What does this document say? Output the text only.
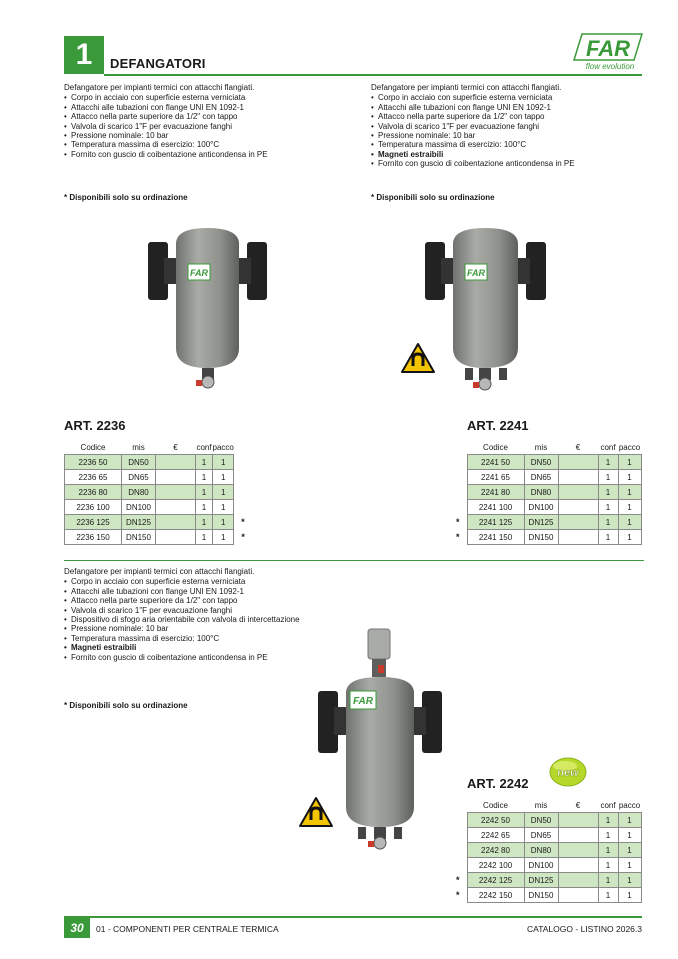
1	DEFANGATORI
FAR
flow evolution
Defangatore per impianti termici con attacchi flangiati.
• Corpo in acciaio con superficie esterna verniciata
• Attacchi alle tubazioni con flange UNI EN 1092-1
• Attacco nella parte superiore da 1/2" con tappo
• Valvola di scarico 1"F per evacuazione fanghi
• Pressione nominale: 10 bar
• Temperatura massima di esercizio: 100°C
• Fornito con guscio di coibentazione anticondensa in PE
* Disponibili solo su ordinazione
Defangatore per impianti termici con attacchi flangiati.
• Corpo in acciaio con superficie esterna verniciata
• Attacchi alle tubazioni con flange UNI EN 1092-1
• Attacco nella parte superiore da 1/2" con tappo
• Valvola di scarico 1"F per evacuazione fanghi
• Pressione nominale: 10 bar
• Temperatura massima di esercizio: 100°C
• Magneti estraibili
• Fornito con guscio di coibentazione anticondensa in PE
* Disponibili solo su ordinazione
FAR	FAR
ART. 2236
Codice	mis	€	conf	pacco	
2236 50	DN50		1	1	
2236 65	DN65		1	1	
2236 80	DN80		1	1	
2236 100	DN100		1	1	
2236 125	DN125		1	1	*
2236 150	DN150		1	1	*
ART. 2241
	Codice	mis	€	conf	pacco
	2241 50	DN50		1	1
	2241 65	DN65		1	1
	2241 80	DN80		1	1
	2241 100	DN100		1	1
*	2241 125	DN125		1	1
*	2241 150	DN150		1	1
Defangatore per impianti termici con attacchi flangiati.
• Corpo in acciaio con superficie esterna verniciata
• Attacchi alle tubazioni con flange UNI EN 1092-1
• Attacco nella parte superiore da 1/2" con tappo
• Valvola di scarico 1"F per evacuazione fanghi
• Dispositivo di sfogo aria orientabile con valvola di intercettazione
• Pressione nominale: 10 bar
• Temperatura massima di esercizio: 100°C
• Magneti estraibili
• Fornito con guscio di coibentazione anticondensa in PE
* Disponibili solo su ordinazione	FAR
new
ART. 2242
	Codice	mis	€	conf	pacco
	2242 50	DN50		1	1
	2242 65	DN65		1	1
	2242 80	DN80		1	1
	2242 100	DN100		1	1
*	2242 125	DN125		1	1
*	2242 150	DN150		1	1
30	01 - COMPONENTI PER CENTRALE TERMICA	CATALOGO - LISTINO 2026.3
